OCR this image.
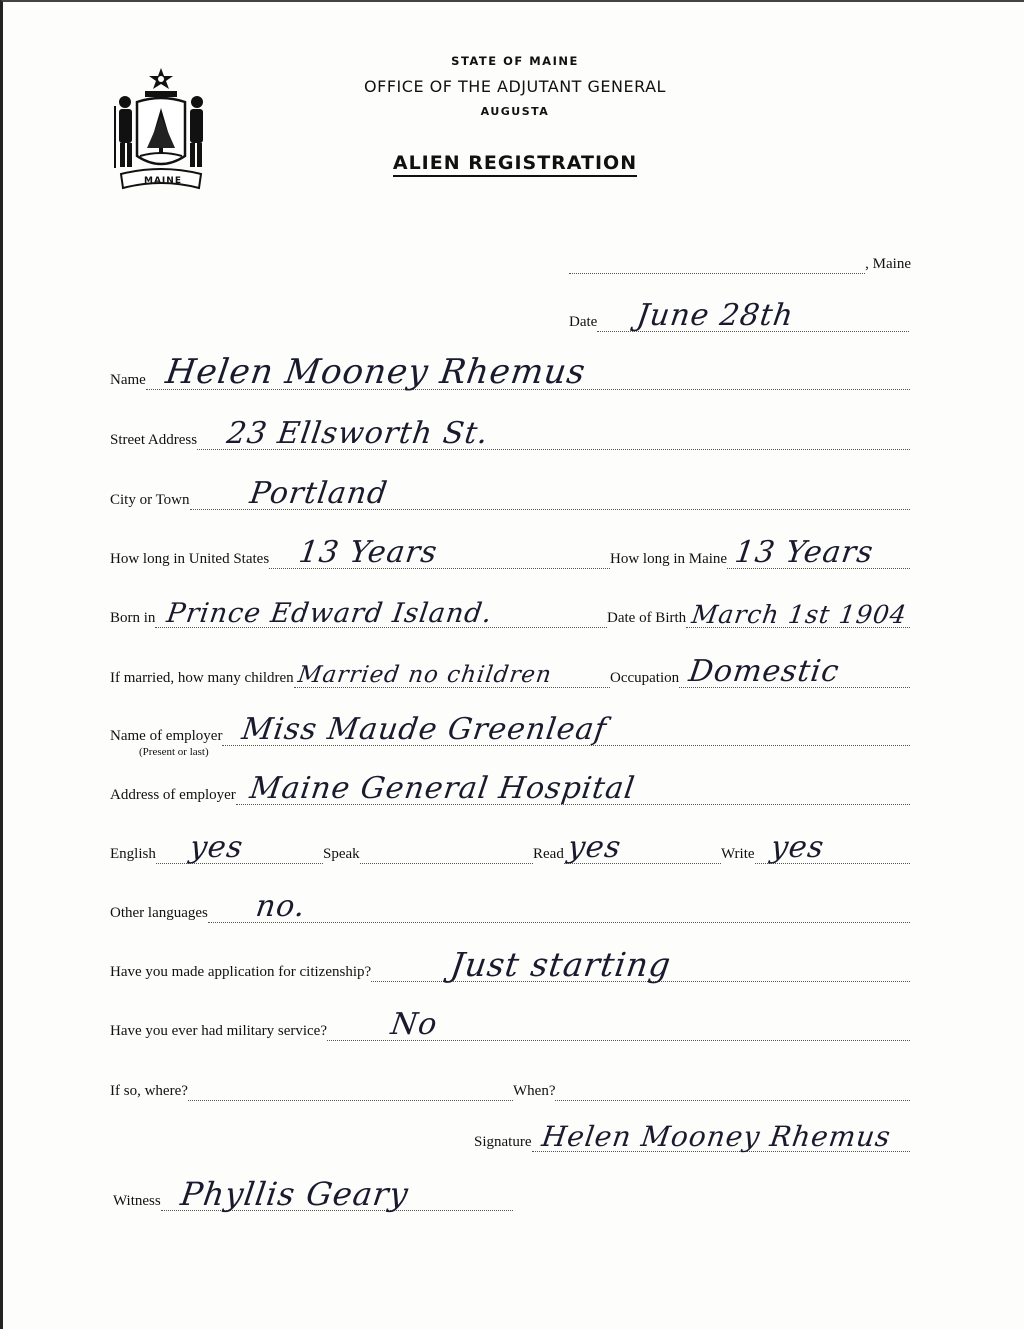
MAINE
STATE OF MAINE
OFFICE OF THE ADJUTANT GENERAL
AUGUSTA
ALIEN REGISTRATION
, Maine
Date June 28th
Name Helen Mooney Rhemus
Street Address 23 Ellsworth St.
City or Town Portland
How long in United States 13 Years	How long in Maine 13 Years
Born in Prince Edward Island.	Date of Birth March 1st 1904
If married, how many children Married no children	Occupation Domestic
Name of employer Miss Maude Greenleaf
(Present or last)
Address of employer Maine General Hospital
English yes	Speak	Read yes	Write yes
Other languages no.
Have you made application for citizenship? Just starting
Have you ever had military service? No
If so, where?	When?
Signature Helen Mooney Rhemus
Witness Phyllis Geary
